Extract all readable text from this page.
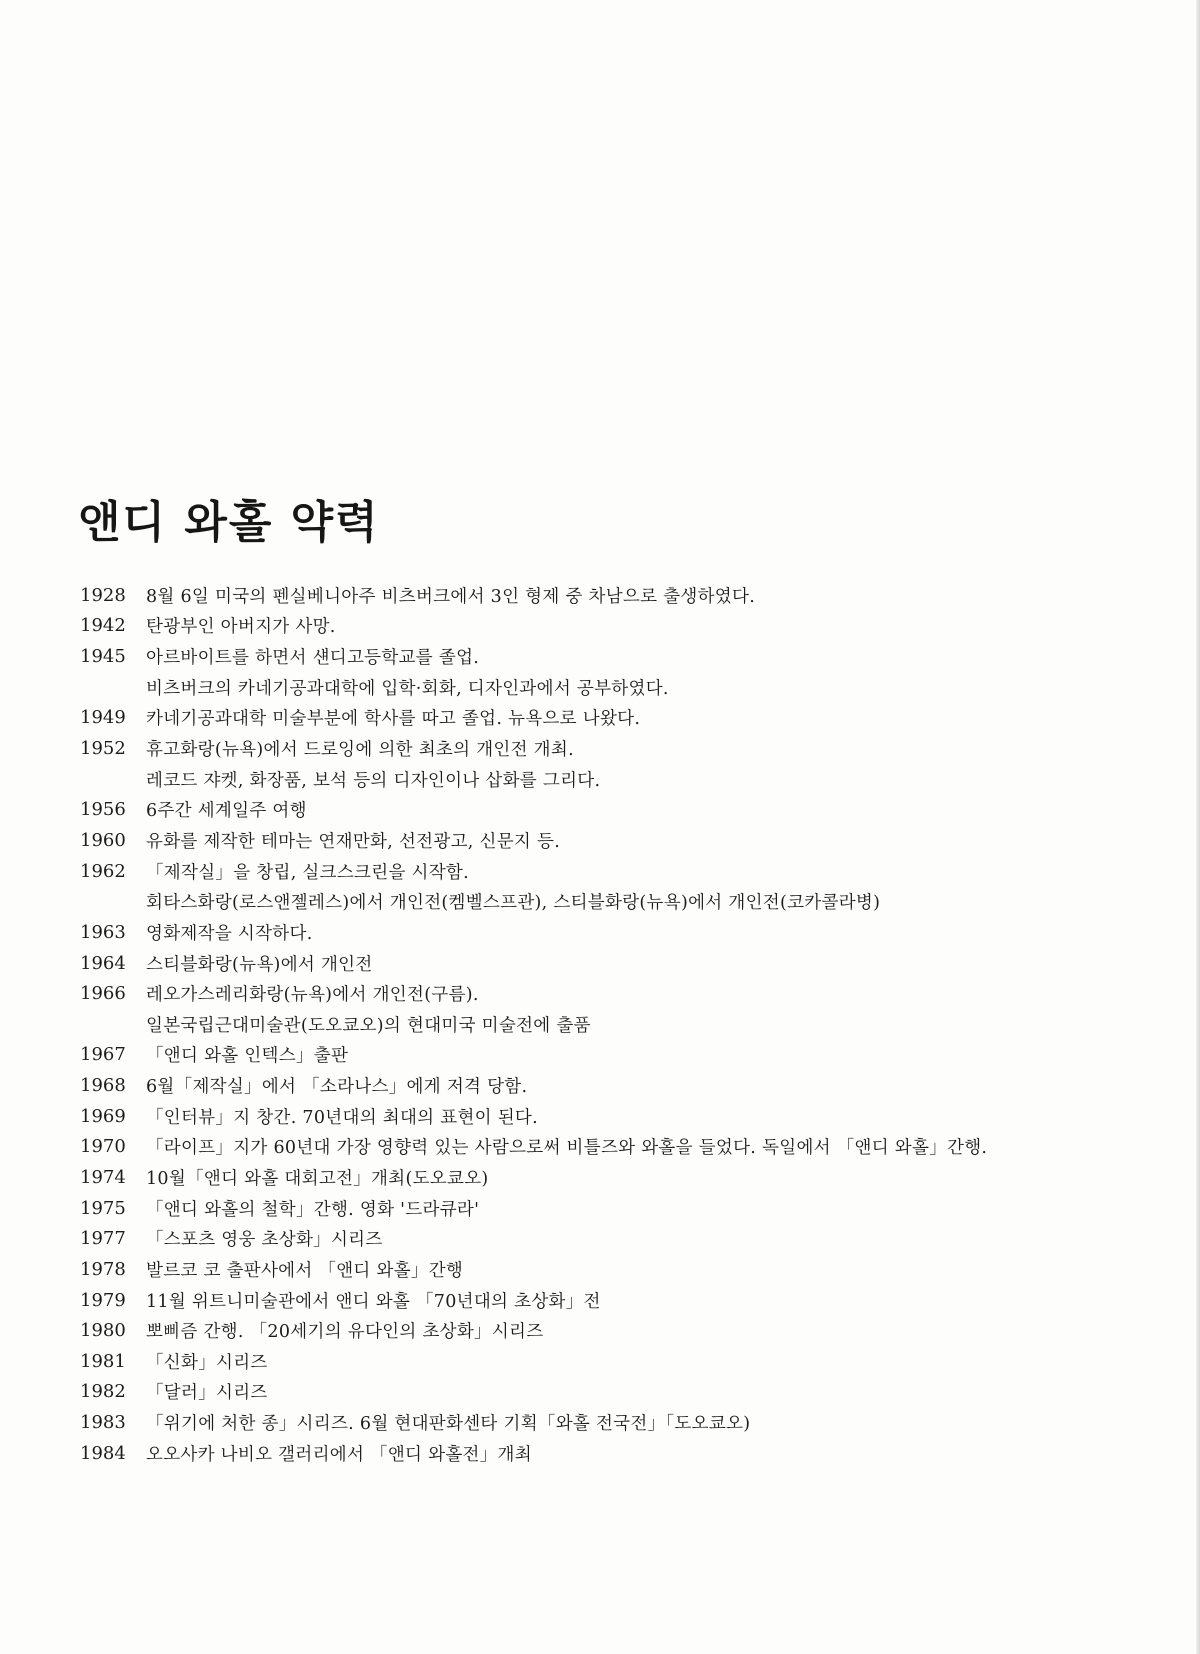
앤디 와홀 약력
1928	8월 6일 미국의 펜실베니아주 비츠버크에서 3인 형제 중 차남으로 출생하였다.
1942	탄광부인 아버지가 사망.
1945	아르바이트를 하면서 섄디고등학교를 졸업.
비츠버크의 카네기공과대학에 입학·회화, 디자인과에서 공부하였다.
1949	카네기공과대학 미술부분에 학사를 따고 졸업. 뉴욕으로 나왔다.
1952	휴고화랑(뉴욕)에서 드로잉에 의한 최초의 개인전 개최.
레코드 쟈켓, 화장품, 보석 등의 디자인이나 삽화를 그리다.
1956	6주간 세계일주 여행
1960	유화를 제작한 테마는 연재만화, 선전광고, 신문지 등.
1962	「제작실」을 창립, 실크스크린을 시작함.
회타스화랑(로스앤젤레스)에서 개인전(켐벨스프관), 스티블화랑(뉴욕)에서 개인전(코카콜라병)
1963	영화제작을 시작하다.
1964	스티블화랑(뉴욕)에서 개인전
1966	레오가스레리화랑(뉴욕)에서 개인전(구름).
일본국립근대미술관(도오쿄오)의 현대미국 미술전에 출품
1967	「앤디 와홀 인텍스」출판
1968	6월「제작실」에서 「소라나스」에게 저격 당함.
1969	「인터뷰」지 창간. 70년대의 최대의 표현이 된다.
1970	「라이프」지가 60년대 가장 영향력 있는 사람으로써 비틀즈와 와홀을 들었다. 독일에서 「앤디 와홀」간행.
1974	10월「앤디 와홀 대회고전」개최(도오쿄오)
1975	「앤디 와홀의 철학」간행. 영화 '드라큐라'
1977	「스포츠 영웅 초상화」시리즈
1978	발르코 코 출판사에서 「앤디 와홀」간행
1979	11월 위트니미술관에서 앤디 와홀 「70년대의 초상화」전
1980	뽀삐즘 간행. 「20세기의 유다인의 초상화」시리즈
1981	「신화」시리즈
1982	「달러」시리즈
1983	「위기에 처한 종」시리즈. 6월 현대판화센타 기획「와홀 전국전」「도오쿄오)
1984	오오사카 나비오 갤러리에서 「앤디 와홀전」개최
